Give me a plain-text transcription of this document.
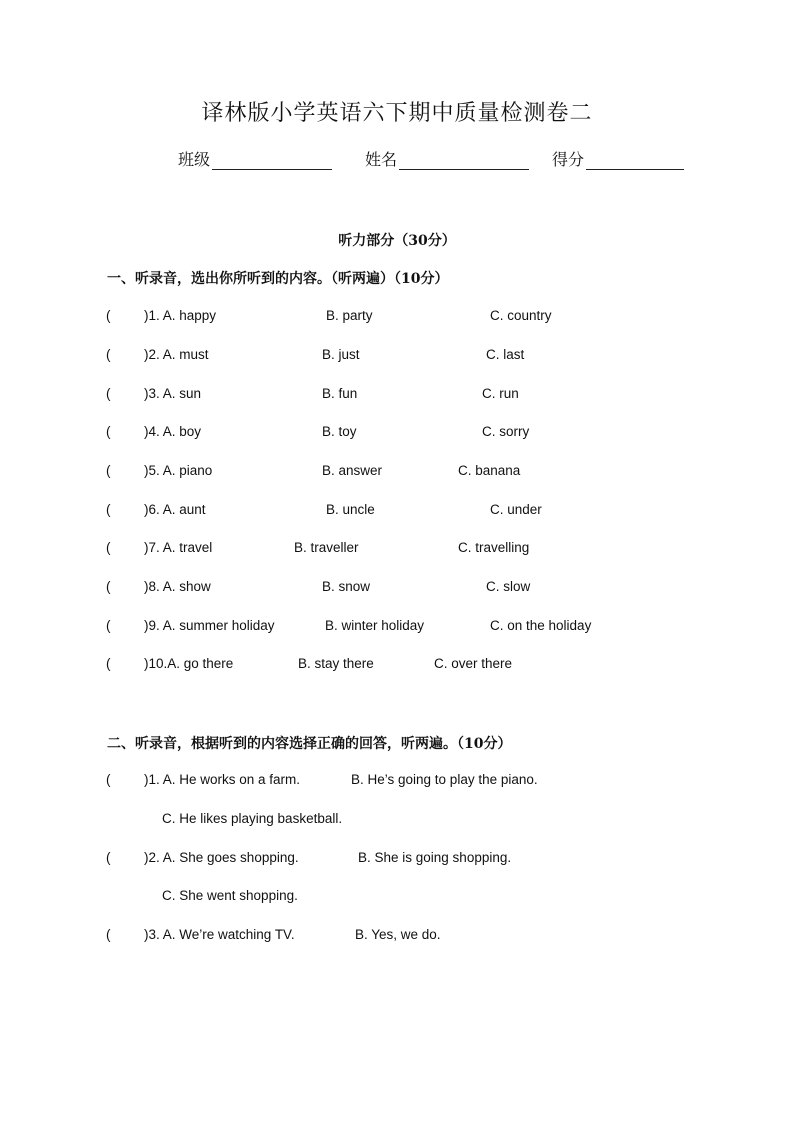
译林版小学英语六下期中质量检测卷二
班级	姓名	得分
听力部分（30分）
一、听录音，选出你所听到的内容。（听两遍）（10分）
( )1. A. happy	B. party	C. country
( )2. A. must	B. just	C. last
( )3. A. sun	B. fun	C. run
( )4. A. boy	B. toy	C. sorry
( )5. A. piano	B. answer	C. banana
( )6. A. aunt	B. uncle	C. under
( )7. A. travel	B. traveller	C. travelling
( )8. A. show	B. snow	C. slow
( )9. A. summer holiday	B. winter holiday	C. on the holiday
( )10.A. go there	B. stay there	C. over there
二、听录音，根据听到的内容选择正确的回答，听两遍。（10分）
( )1. A. He works on a farm.	B. He’s going to play the piano.
C. He likes playing basketball.
( )2. A. She goes shopping.	B. She is going shopping.
C. She went shopping.
( )3. A. We’re watching TV.	B. Yes, we do.
